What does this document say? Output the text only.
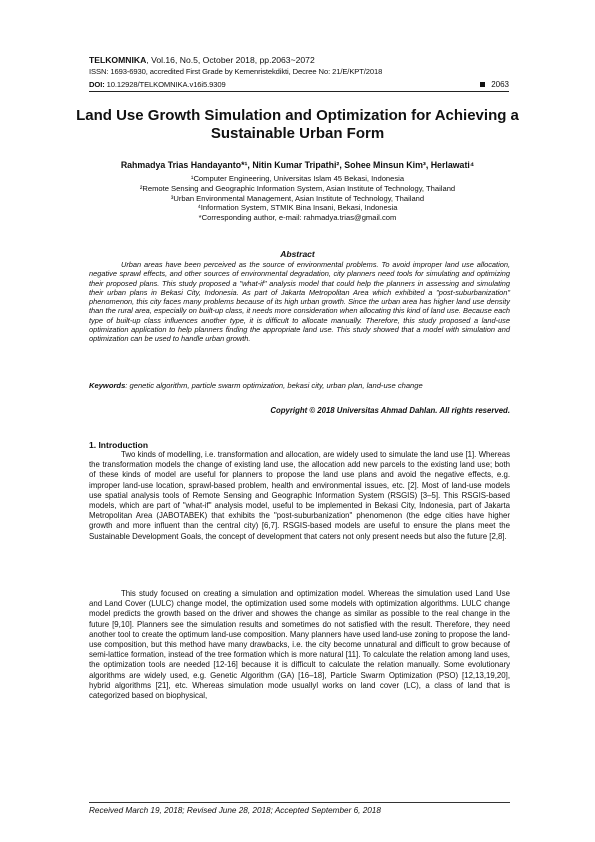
TELKOMNIKA, Vol.16, No.5, October 2018, pp.2063~2072
ISSN: 1693-6930, accredited First Grade by Kemenristekdikti, Decree No: 21/E/KPT/2018
DOI: 10.12928/TELKOMNIKA.v16i5.9309	2063
Land Use Growth Simulation and Optimization for Achieving a Sustainable Urban Form
Rahmadya Trias Handayanto*¹, Nitin Kumar Tripathi², Sohee Minsun Kim³, Herlawati⁴
¹Computer Engineering, Universitas Islam 45 Bekasi, Indonesia
²Remote Sensing and Geographic Information System, Asian Institute of Technology, Thailand
³Urban Environmental Management, Asian Institute of Technology, Thailand
⁴Information System, STMIK Bina Insani, Bekasi, Indonesia
*Corresponding author, e-mail: rahmadya.trias@gmail.com
Abstract
Urban areas have been perceived as the source of environmental problems. To avoid improper land use allocation, negative sprawl effects, and other sources of environmental degradation, city planners need tools for simulating and optimizing their proposed plans. This study proposed a "what-if" analysis model that could help the planners in assessing and simulating their urban plans in Bekasi City, Indonesia. As part of Jakarta Metropolitan Area which exhibited a "post-suburbanization" phenomenon, this city faces many problems because of its high urban growth. Since the urban area has higher land use density than the rural area, especially on built-up class, it needs more consideration when allocating this kind of land use. Because each type of built-up class influences another type, it is difficult to allocate manually. Therefore, this study proposed a land-use optimization application to help planners finding the appropriate land use. This study showed that a model with simulation and optimization can be used to handle urban growth.
Keywords: genetic algorithm, particle swarm optimization, bekasi city, urban plan, land-use change
Copyright © 2018 Universitas Ahmad Dahlan. All rights reserved.
1. Introduction
Two kinds of modelling, i.e. transformation and allocation, are widely used to simulate the land use [1]. Whereas the transformation models the change of existing land use, the allocation add new parcels to the existing land use; both of these kinds of model are useful for planners to propose the land use plans and avoid the negative effects, e.g. improper land-use location, sprawl-based problem, health and environmental issues, etc. [2]. Most of land-use models use spatial analysis tools of Remote Sensing and Geographic Information System (RSGIS) [3–5]. This RSGIS-based models, which are part of "what-if" analysis model, useful to be implemented in Bekasi City, Indonesia, part of Jakarta Metropolitan Area (JABOTABEK) that exhibits the "post-suburbanization" phenomenon (the edge cities have higher growth and more influent than the central city) [6,7]. RSGIS-based models are useful to ensure the plans meet the Sustainable Development Goals, the concept of development that caters not only present needs but also the future [2,8].
This study focused on creating a simulation and optimization model. Whereas the simulation used Land Use and Land Cover (LULC) change model, the optimization used some models with optimization algorithms. LULC change model predicts the growth based on the driver and showes the change as similar as possible to the real change in the future [9,10]. Planners see the simulation results and sometimes do not satisfied with the result. Therefore, they need another tool to create the optimum land-use composition. Many planners have used land-use zoning to propose the land-use composition, but this method have many drawbacks, i.e. the city become unnatural and difficult to grow because of semi-lattice formation, instead of the tree formation which is more natural [11]. To calculate the relation among land uses, the optimization tools are needed [12-16] because it is difficult to calculate the relation manually. Some evolutionary algorithms are widely used, e.g. Genetic Algorithm (GA) [16–18], Particle Swarm Optimization (PSO) [12,13,19,20], hybrid algorithms [21], etc. Whereas simulation mode usuallyl works on land cover (LC), a class of land that is categorized based on biophysical,
Received March 19, 2018; Revised June 28, 2018; Accepted September 6, 2018
